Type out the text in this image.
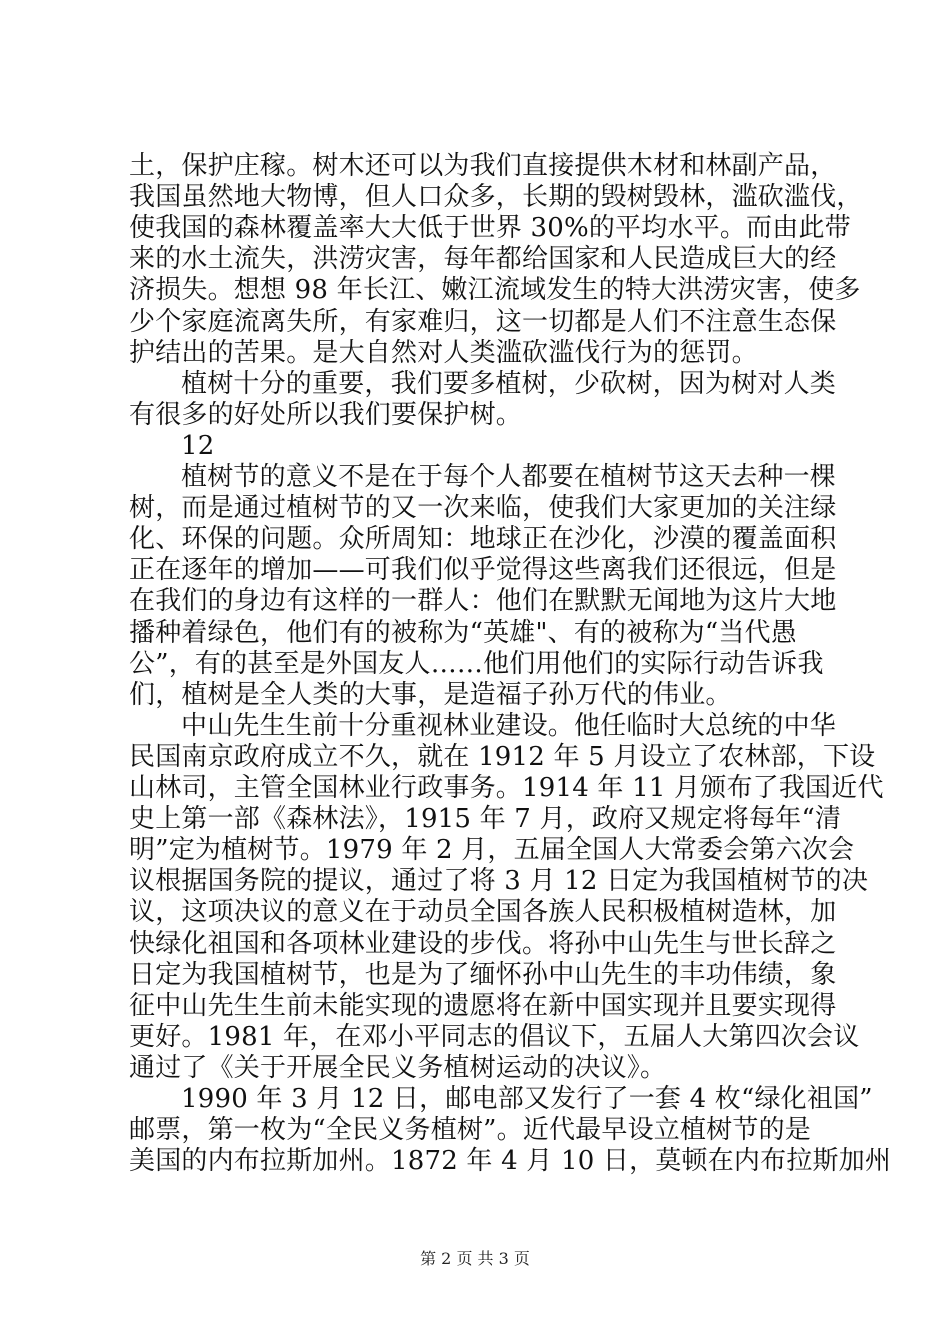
土，保护庄稼。树木还可以为我们直接提供木材和林副产品，

我国虽然地大物博，但人口众多，长期的毁树毁林，滥砍滥伐，

使我国的森林覆盖率大大低于世界 30%的平均水平。而由此带

来的水土流失，洪涝灾害，每年都给国家和人民造成巨大的经

济损失。想想 98 年长江、嫩江流域发生的特大洪涝灾害，使多

少个家庭流离失所，有家难归，这一切都是人们不注意生态保

护结出的苦果。是大自然对人类滥砍滥伐行为的惩罚。

植树十分的重要，我们要多植树，少砍树，因为树对人类

有很多的好处所以我们要保护树。

12

植树节的意义不是在于每个人都要在植树节这天去种一棵

树，而是通过植树节的又一次来临，使我们大家更加的关注绿

化、环保的问题。众所周知：地球正在沙化，沙漠的覆盖面积

正在逐年的增加——可我们似乎觉得这些离我们还很远，但是

在我们的身边有这样的一群人：他们在默默无闻地为这片大地

播种着绿色，他们有的被称为“英雄"、有的被称为“当代愚

公”，有的甚至是外国友人……他们用他们的实际行动告诉我

们，植树是全人类的大事，是造福子孙万代的伟业。

中山先生生前十分重视林业建设。他任临时大总统的中华

民国南京政府成立不久，就在 1912 年 5 月设立了农林部，下设

山林司，主管全国林业行政事务。1914 年 11 月颁布了我国近代

史上第一部《森林法》，1915 年 7 月，政府又规定将每年“清

明”定为植树节。1979 年 2 月，五届全国人大常委会第六次会

议根据国务院的提议，通过了将 3 月 12 日定为我国植树节的决

议，这项决议的意义在于动员全国各族人民积极植树造林，加

快绿化祖国和各项林业建设的步伐。将孙中山先生与世长辞之

日定为我国植树节，也是为了缅怀孙中山先生的丰功伟绩，象

征中山先生生前未能实现的遗愿将在新中国实现并且要实现得

更好。1981 年，在邓小平同志的倡议下，五届人大第四次会议

通过了《关于开展全民义务植树运动的决议》。

1990 年 3 月 12 日，邮电部又发行了一套 4 枚“绿化祖国”

邮票，第一枚为“全民义务植树”。近代最早设立植树节的是

美国的内布拉斯加州。1872 年 4 月 10 日，莫顿在内布拉斯加州

第 2 页 共 3 页
